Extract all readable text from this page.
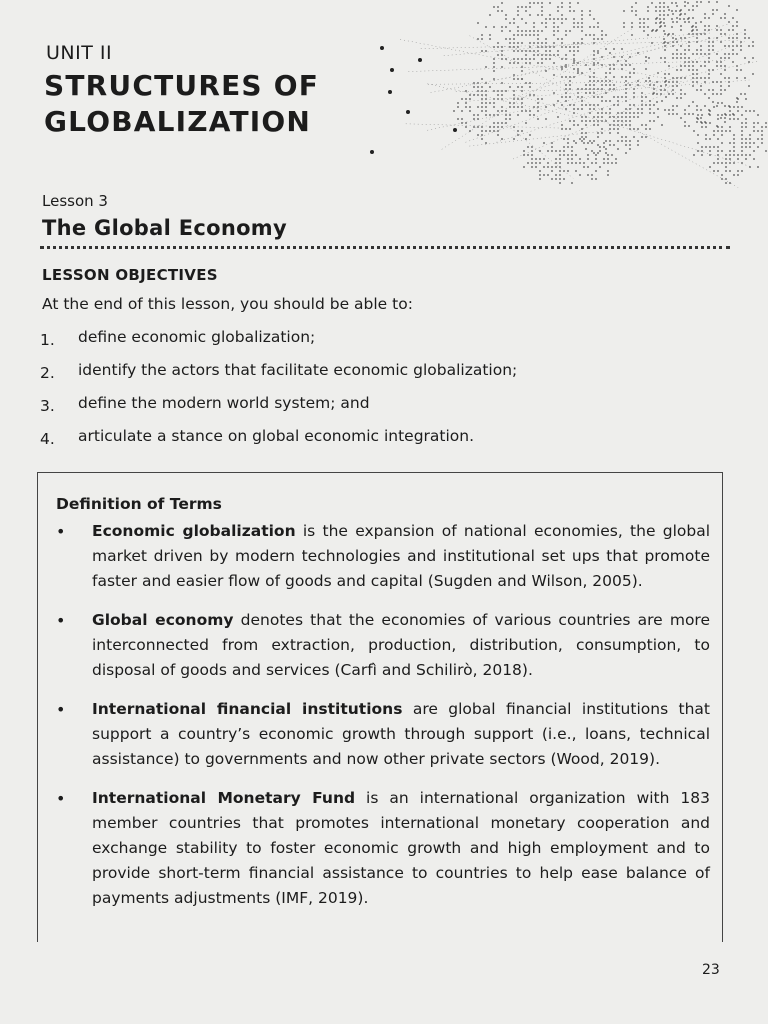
UNIT II
STRUCTURES OF
GLOBALIZATION
Lesson 3
The Global Economy
LESSON OBJECTIVES
At the end of this lesson, you should be able to:
1.	define economic globalization;
2.	identify the actors that facilitate economic globalization;
3.	define the modern world system; and
4.	articulate a stance on global economic integration.
Definition of Terms
• Economic globalization is the expansion of national economies, the global market driven by modern technologies and institutional set ups that promote faster and easier flow of goods and capital (Sugden and Wilson, 2005).

• Global economy denotes that the economies of various countries are more interconnected from extraction, production, distribution, consumption, to disposal of goods and services (Carfì and Schilirò, 2018).

• International financial institutions are global financial institutions that support a country’s economic growth through support (i.e., loans, technical assistance) to governments and now other private sectors (Wood, 2019).

• International Monetary Fund is an international organization with 183 member countries that promotes international monetary cooperation and exchange stability to foster economic growth and high employment and to provide short-term financial assistance to countries to help ease balance of payments adjustments (IMF, 2019).

23
